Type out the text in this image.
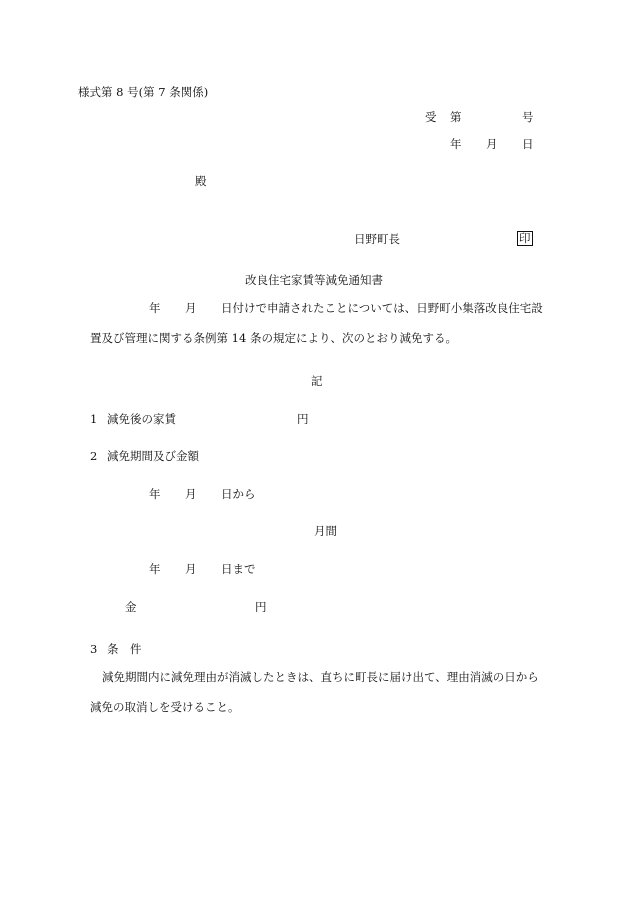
様式第 8 号(第 7 条関係)
受 第	号
年 月 日
殿
日野町長	印
改良住宅家賃等減免通知書
年 月 日付けで申請されたことについては、日野町小集落改良住宅設
置及び管理に関する条例第 14 条の規定により、次のとおり減免する。
記
1 減免後の家賃	円
2 減免期間及び金額
年 月 日から
月間
年 月 日まで
金	円
3 条　件
減免期間内に減免理由が消滅したときは、直ちに町長に届け出て、理由消滅の日から
減免の取消しを受けること。
